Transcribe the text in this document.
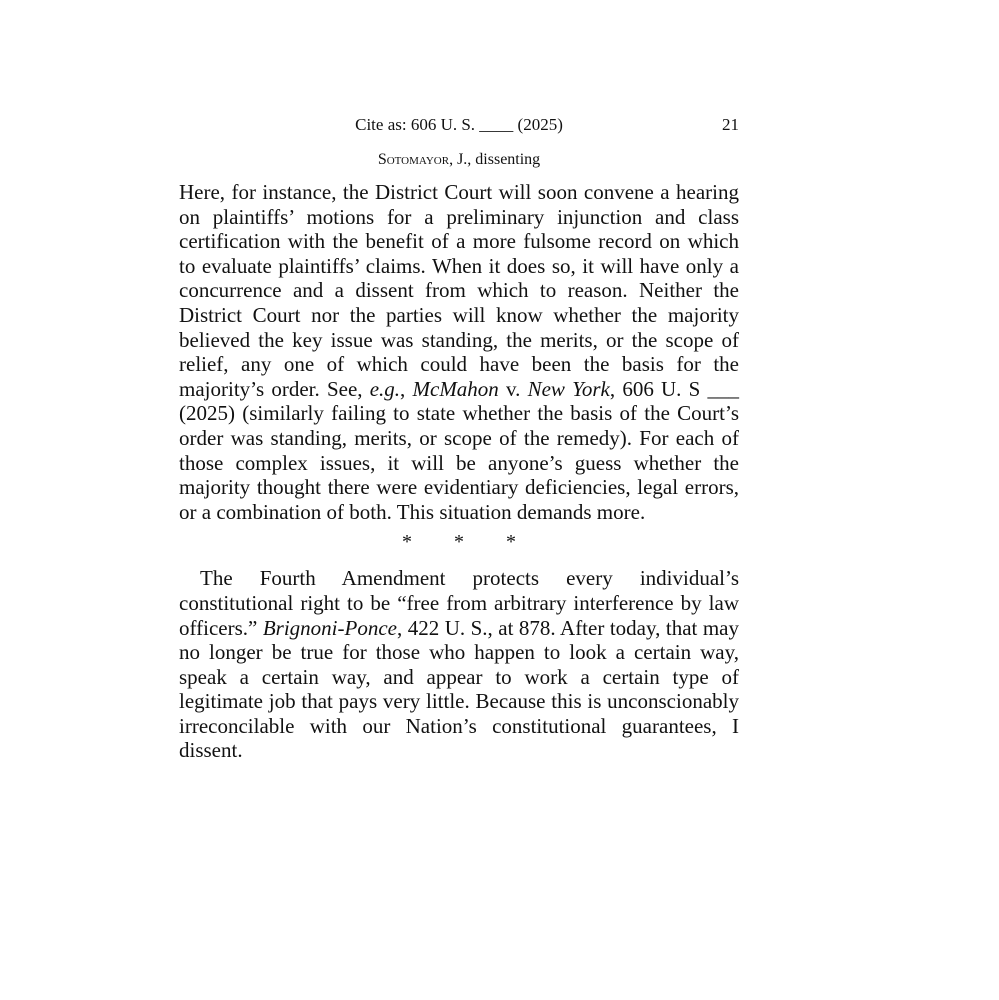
Cite as: 606 U. S. ____ (2025)	21
Sotomayor, J., dissenting

Here, for instance, the District Court will soon convene a hearing on plaintiffs’ motions for a preliminary injunction and class certification with the benefit of a more fulsome record on which to evaluate plaintiffs’ claims. When it does so, it will have only a concurrence and a dissent from which to reason. Neither the District Court nor the parties will know whether the majority believed the key issue was standing, the merits, or the scope of relief, any one of which could have been the basis for the majority’s order. See, e.g., McMahon v. New York, 606 U. S ___ (2025) (similarly failing to state whether the basis of the Court’s order was standing, merits, or scope of the remedy). For each of those complex issues, it will be anyone’s guess whether the majority thought there were evidentiary deficiencies, legal errors, or a combination of both. This situation demands more.

* * *

The Fourth Amendment protects every individual’s constitutional right to be “free from arbitrary interference by law officers.” Brignoni-Ponce, 422 U. S., at 878. After today, that may no longer be true for those who happen to look a certain way, speak a certain way, and appear to work a certain type of legitimate job that pays very little. Because this is unconscionably irreconcilable with our Nation’s constitutional guarantees, I dissent.
